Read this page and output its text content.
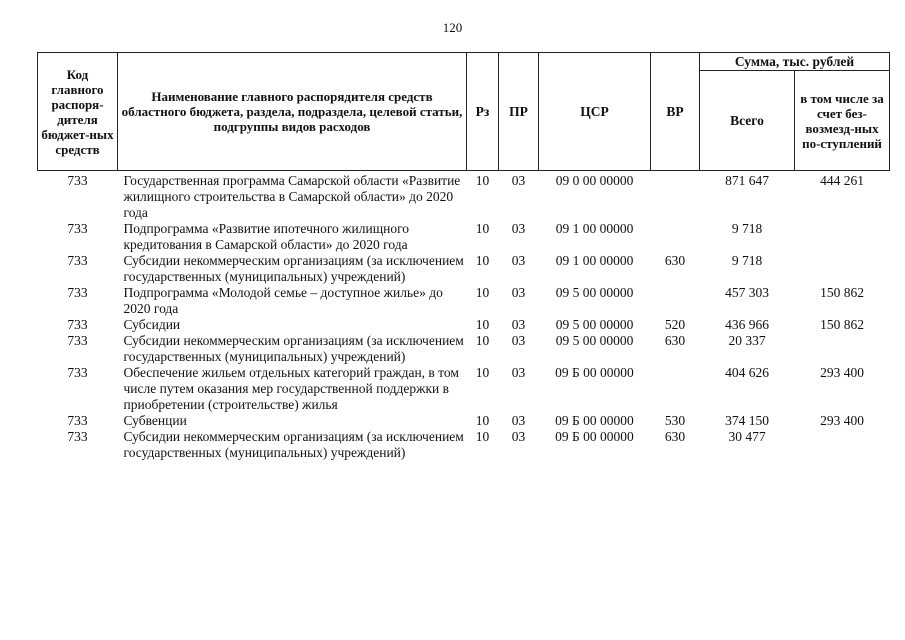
120
Код главного распоря-дителя бюджет-ных средств	Наименование главного распорядителя средств областного бюджета, раздела, подраздела, целевой статьи, подгруппы видов расходов	Рз	ПР	ЦСР	ВР	Сумма, тыс. рублей	
						Всего	в том числе за счет без-возмезд-ных по-ступлений
733	Государственная программа Самарской области «Развитие жилищного строительства в Самарской области» до 2020 года	10	03	09 0 00 00000		871 647	444 261
733	Подпрограмма «Развитие ипотечного жилищного кредитования в Самарской области» до 2020 года	10	03	09 1 00 00000		9 718	
733	Субсидии некоммерческим организациям (за исключением государственных (муниципальных) учреждений)	10	03	09 1 00 00000	630	9 718	
733	Подпрограмма «Молодой семье – доступное жилье» до 2020 года	10	03	09 5 00 00000		457 303	150 862
733	Субсидии	10	03	09 5 00 00000	520	436 966	150 862
733	Субсидии некоммерческим организациям (за исключением государственных (муниципальных) учреждений)	10	03	09 5 00 00000	630	20 337	
733	Обеспечение жильем отдельных категорий граждан, в том числе путем оказания мер государственной поддержки в приобретении (строительстве) жилья	10	03	09 Б 00 00000		404 626	293 400
733	Субвенции	10	03	09 Б 00 00000	530	374 150	293 400
733	Субсидии некоммерческим организациям (за исключением государственных (муниципальных) учреждений)	10	03	09 Б 00 00000	630	30 477	
